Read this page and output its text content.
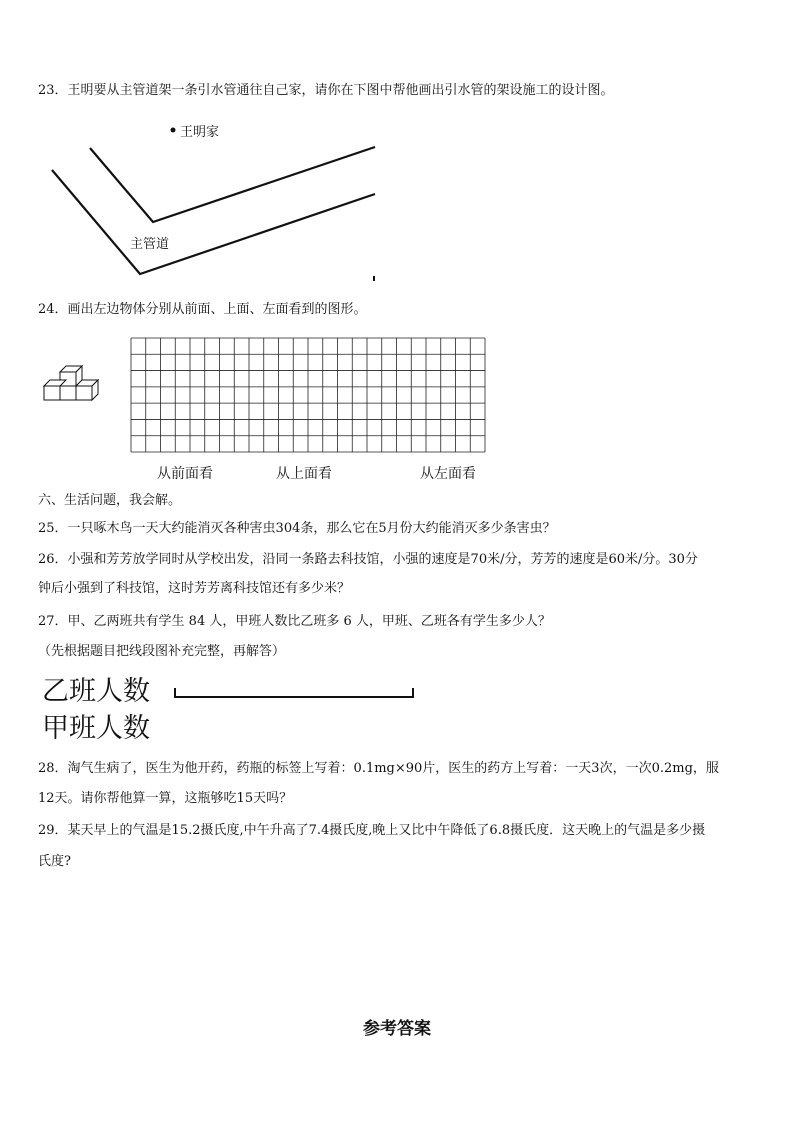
23．王明要从主管道架一条引水管通往自己家，请你在下图中帮他画出引水管的架设施工的设计图。
王明家
主管道
24．画出左边物体分别从前面、上面、左面看到的图形。
从前面看	从上面看	从左面看
六、生活问题，我会解。
25．一只啄木鸟一天大约能消灭各种害虫304条，那么它在5月份大约能消灭多少条害虫？
26．小强和芳芳放学同时从学校出发，沿同一条路去科技馆，小强的速度是70米/分，芳芳的速度是60米/分。30分
钟后小强到了科技馆，这时芳芳离科技馆还有多少米？
27．甲、乙两班共有学生 84 人，甲班人数比乙班多 6 人，甲班、乙班各有学生多少人？
（先根据题目把线段图补充完整，再解答）
乙班人数
甲班人数
28．淘气生病了，医生为他开药，药瓶的标签上写着：0.1mg×90片，医生的药方上写着：一天3次，一次0.2mg，服
12天。请你帮他算一算，这瓶够吃15天吗？
29．某天早上的气温是15.2摄氏度,中午升高了7.4摄氏度,晚上又比中午降低了6.8摄氏度．这天晚上的气温是多少摄
氏度?
参考答案
